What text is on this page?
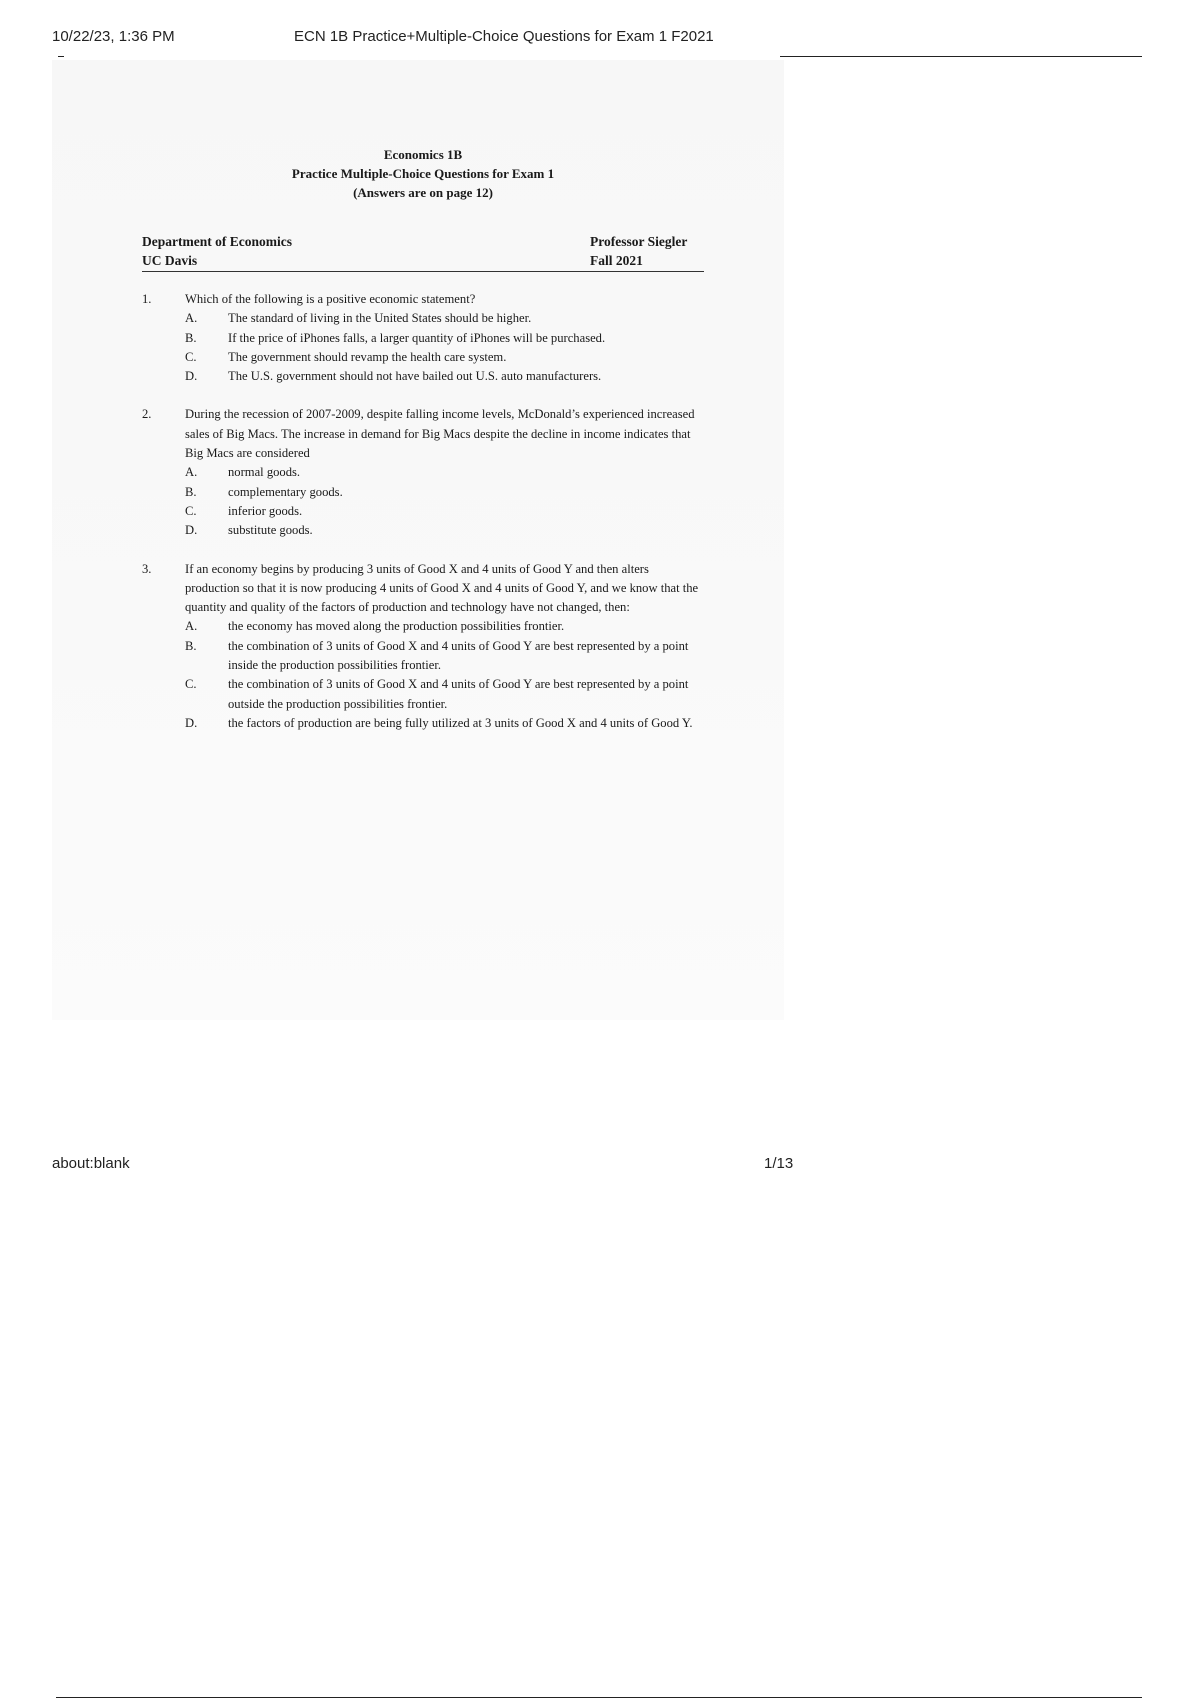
10/22/23, 1:36 PM	ECN 1B Practice+Multiple-Choice Questions for Exam 1 F2021
Economics 1B
Practice Multiple-Choice Questions for Exam 1
(Answers are on page 12)
Department of Economics
UC Davis
Professor Siegler
Fall 2021
1.	Which of the following is a positive economic statement?
A. The standard of living in the United States should be higher.
B. If the price of iPhones falls, a larger quantity of iPhones will be purchased.
C. The government should revamp the health care system.
D. The U.S. government should not have bailed out U.S. auto manufacturers.
2.	During the recession of 2007-2009, despite falling income levels, McDonald’s experienced increased sales of Big Macs. The increase in demand for Big Macs despite the decline in income indicates that Big Macs are considered
A. normal goods.
B. complementary goods.
C. inferior goods.
D. substitute goods.
3.	If an economy begins by producing 3 units of Good X and 4 units of Good Y and then alters production so that it is now producing 4 units of Good X and 4 units of Good Y, and we know that the quantity and quality of the factors of production and technology have not changed, then:
A. the economy has moved along the production possibilities frontier.
B. the combination of 3 units of Good X and 4 units of Good Y are best represented by a point inside the production possibilities frontier.
C. the combination of 3 units of Good X and 4 units of Good Y are best represented by a point outside the production possibilities frontier.
D. the factors of production are being fully utilized at 3 units of Good X and 4 units of Good Y.
about:blank	1/13
